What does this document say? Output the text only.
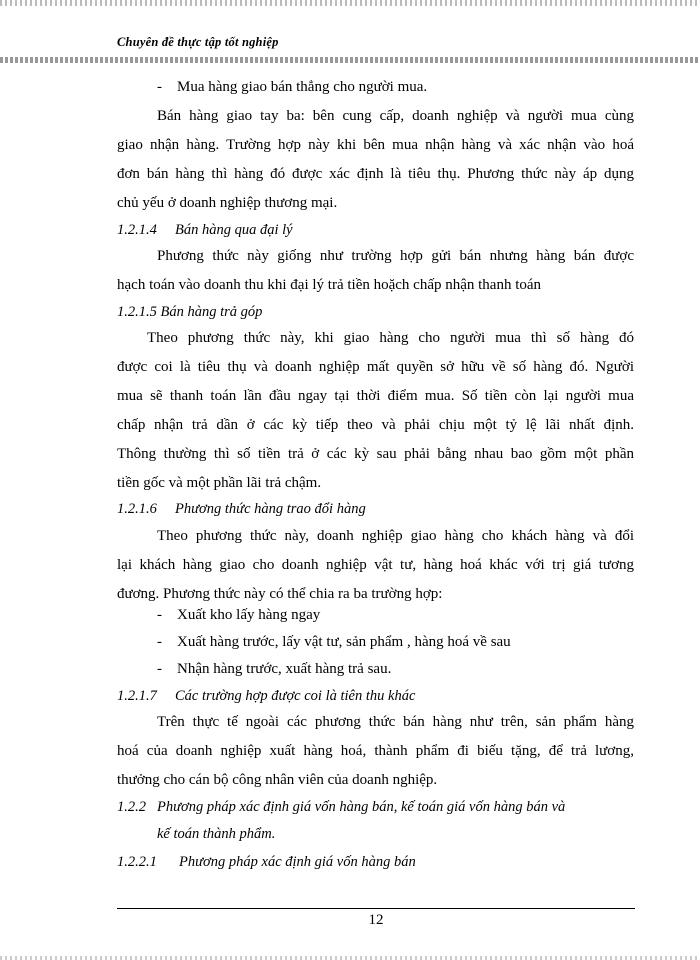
Chuyên đề thực tập tốt nghiệp
- Mua hàng giao bán thẳng cho người mua.
Bán hàng giao tay ba: bên cung cấp, doanh nghiệp và người mua cùng
giao nhận hàng. Trường hợp này khi bên mua nhận hàng và xác nhận vào hoá
đơn bán hàng thì hàng đó được xác định là tiêu thụ. Phương thức này áp dụng
chủ yếu ở doanh nghiệp thương mại.
1.2.1.4 Bán hàng qua đại lý
Phương thức này giống như trường hợp gửi bán nhưng hàng bán được
hạch toán vào doanh thu khi đại lý trả tiền hoặch chấp nhận thanh toán
1.2.1.5 Bán hàng trả góp
Theo phương thức này, khi giao hàng cho người mua thì số hàng đó
được coi là tiêu thụ và doanh nghiệp mất quyền sở hữu về số hàng đó. Người
mua sẽ thanh toán lần đầu ngay tại thời điểm mua. Số tiền còn lại người mua
chấp nhận trả dần ở các kỳ tiếp theo và phải chịu một tỷ lệ lãi nhất định.
Thông thường thì số tiền trả ở các kỳ sau phải bằng nhau bao gồm một phần
tiền gốc và một phần lãi trả chậm.
1.2.1.6 Phương thức hàng trao đổi hàng
Theo phương thức này, doanh nghiệp giao hàng cho khách hàng và đổi
lại khách hàng giao cho doanh nghiệp vật tư, hàng hoá khác với trị giá tương
đương. Phương thức này có thể chia ra ba trường hợp:
- Xuất kho lấy hàng ngay
- Xuất hàng trước, lấy vật tư, sản phẩm , hàng hoá về sau
- Nhận hàng trước, xuất hàng trả sau.
1.2.1.7 Các trường hợp được coi là tiên thu khác
Trên thực tế ngoài các phương thức bán hàng như trên, sản phẩm hàng
hoá của doanh nghiệp xuất hàng hoá, thành phẩm đi biếu tặng, để trả lương,
thưởng cho cán bộ công nhân viên của doanh nghiệp.
1.2.2 Phương pháp xác định giá vốn hàng bán, kế toán giá vốn hàng bán và
kế toán thành phẩm.
1.2.2.1 Phương pháp xác định giá vốn hàng bán
12
